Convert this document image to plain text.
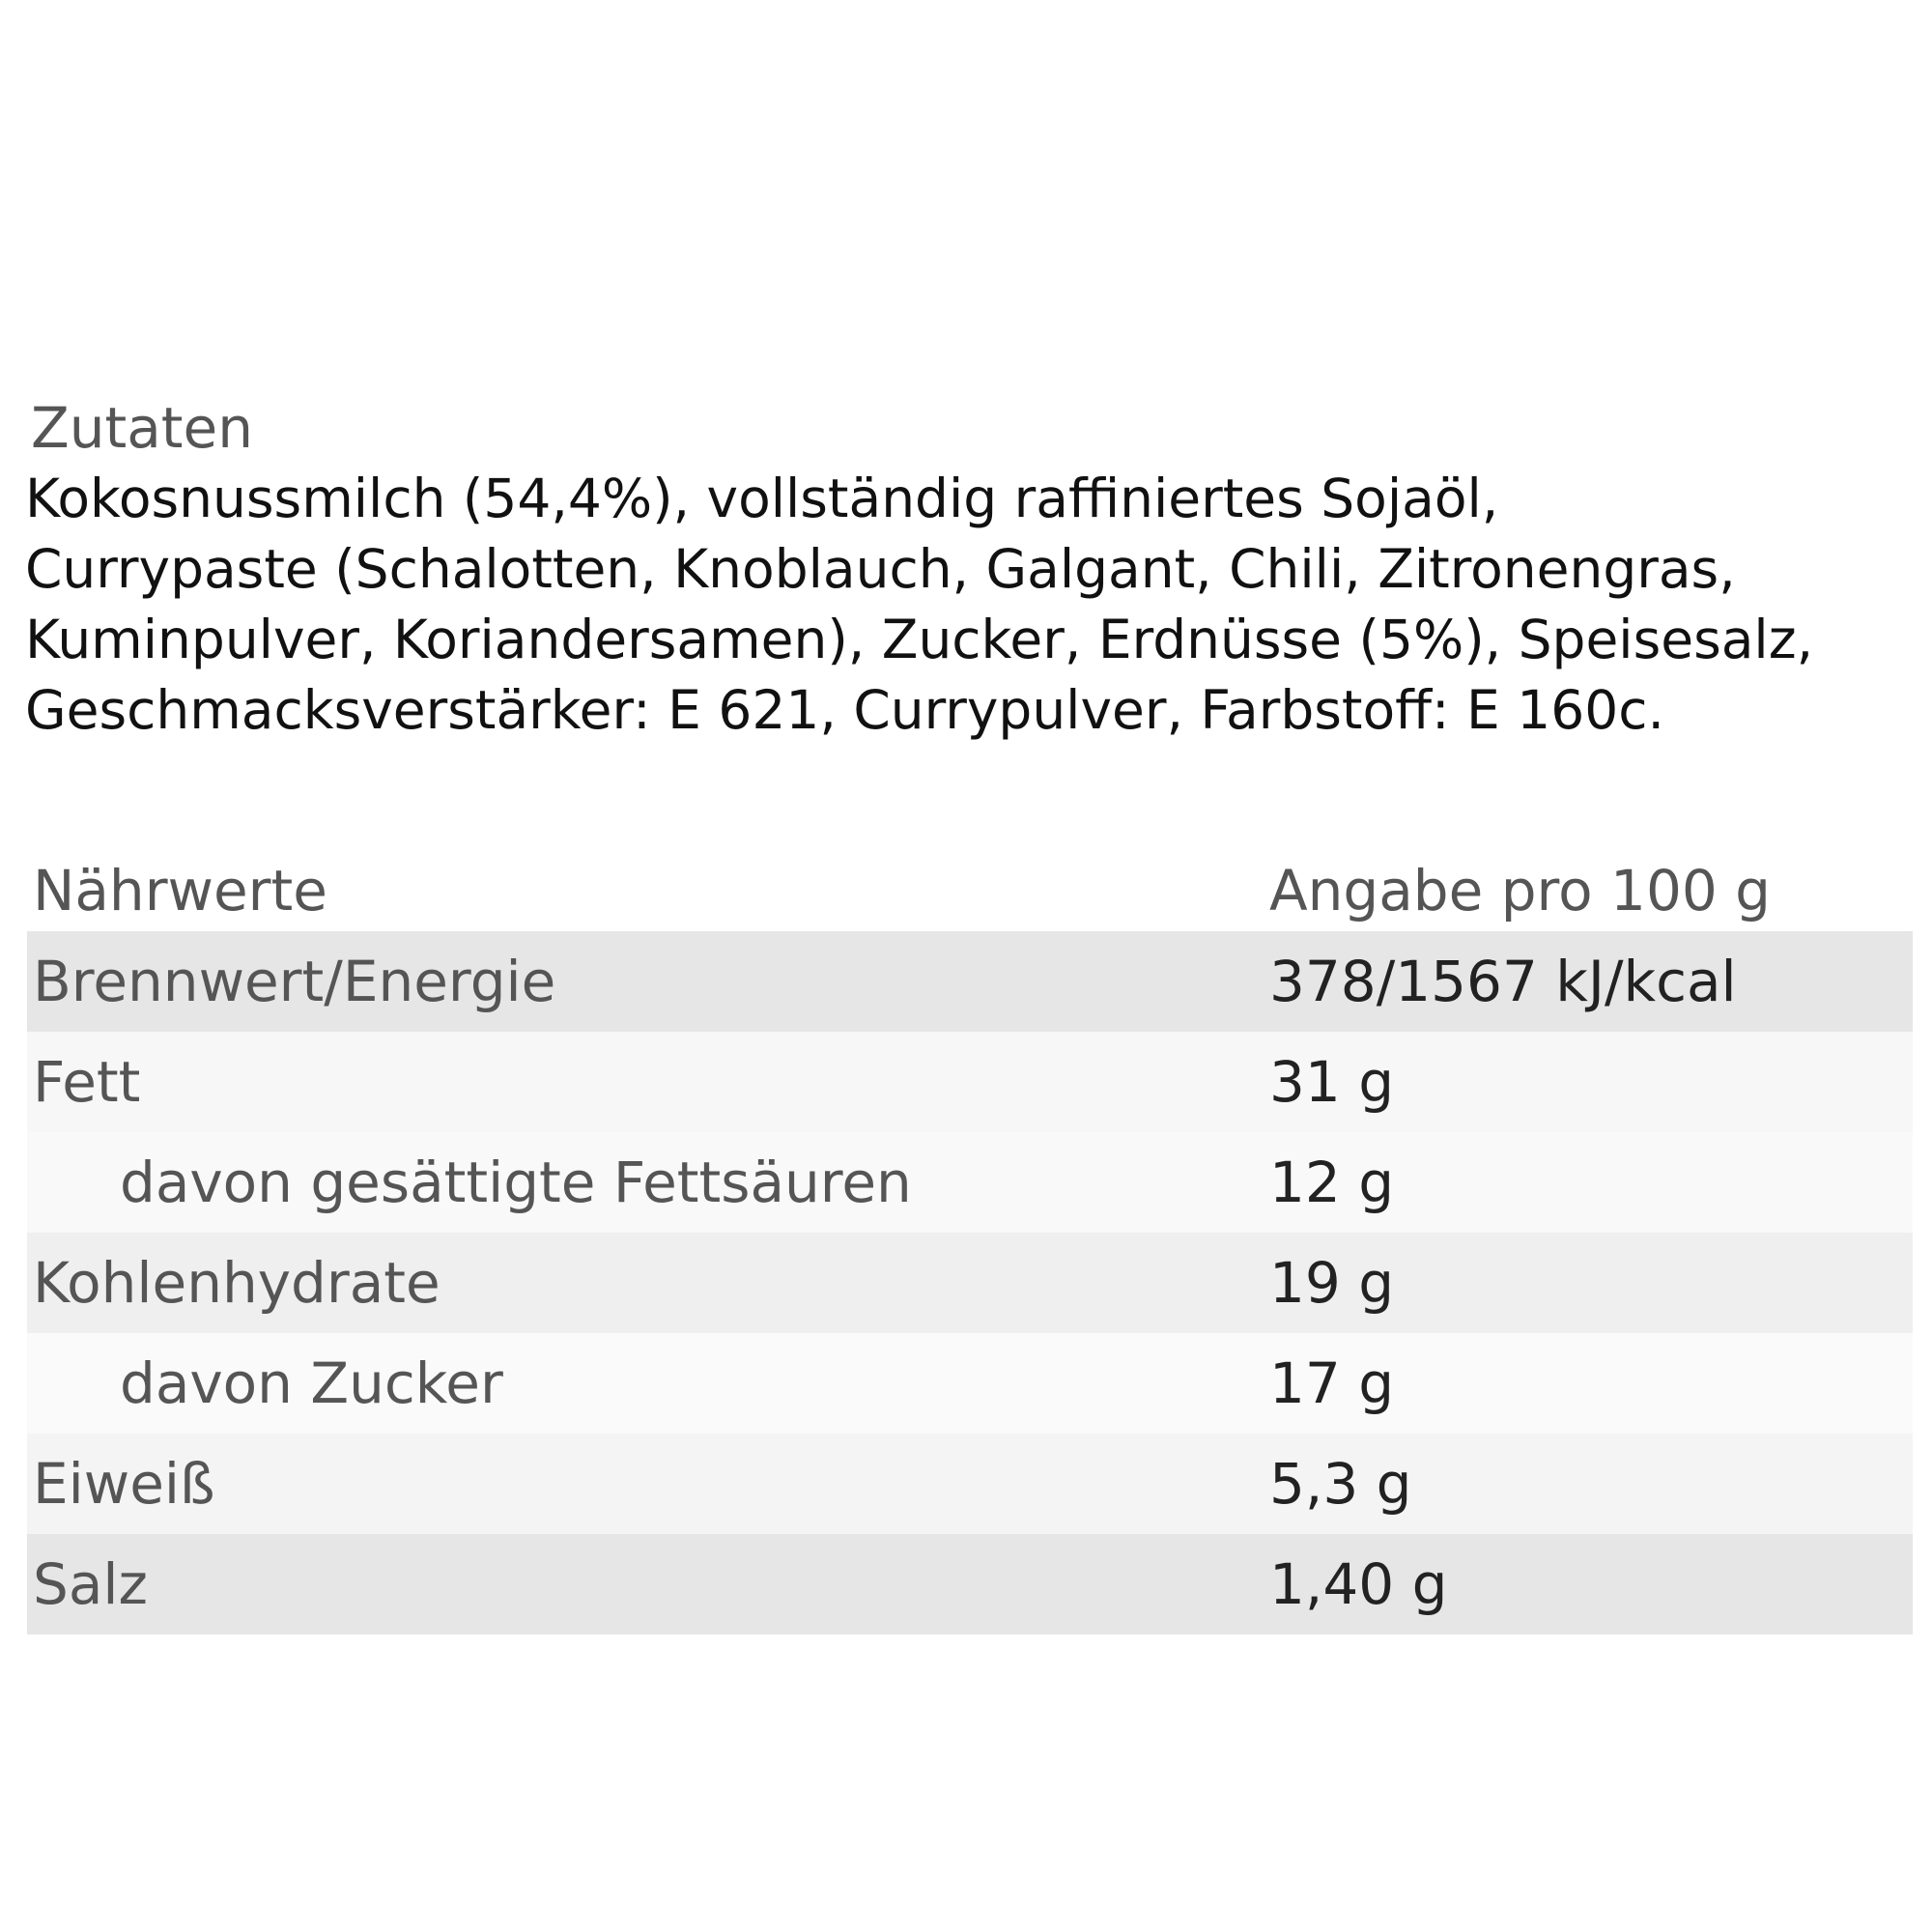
Zutaten
Kokosnussmilch (54,4%), vollständig raffiniertes Sojaöl,
Currypaste (Schalotten, Knoblauch, Galgant, Chili, Zitronengras,
Kuminpulver, Koriandersamen), Zucker, Erdnüsse (5%), Speisesalz,
Geschmacksverstärker: E 621, Currypulver, Farbstoff: E 160c.
Nährwerte	Angabe pro 100 g
Brennwert/Energie	378/1567 kJ/kcal
Fett	31 g
davon gesättigte Fettsäuren	12 g
Kohlenhydrate	19 g
davon Zucker	17 g
Eiweiß	5,3 g
Salz	1,40 g
